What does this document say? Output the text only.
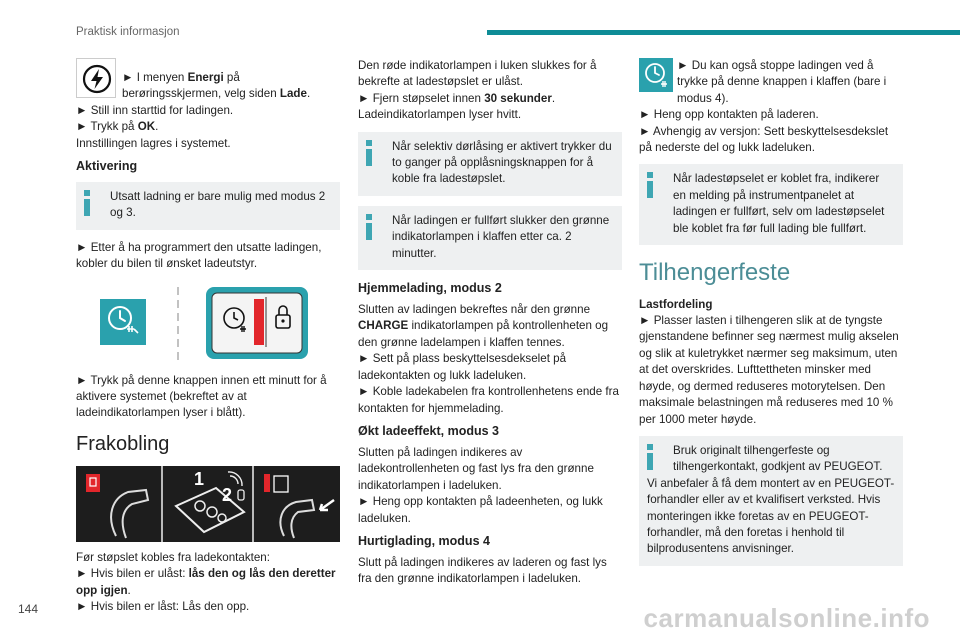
Praktisk informasjon

► I menyen Energi på berøringsskjermen, velg siden Lade.

► Still inn starttid for ladingen.

► Trykk på OK.

Innstillingen lagres i systemet.

Aktivering

Utsatt ladning er bare mulig med modus 2 og 3.

► Etter å ha programmert den utsatte ladingen, kobler du bilen til ønsket ladeutstyr.

► Trykk på denne knappen innen ett minutt for å aktivere systemet (bekreftet av at ladeindikatorlampen lyser i blått).

Frakobling
1
2

Før støpslet kobles fra ladekontakten:

► Hvis bilen er ulåst: lås den og lås den deretter opp igjen.

► Hvis bilen er låst: Lås den opp.

Den røde indikatorlampen i luken slukkes for å bekrefte at ladestøpslet er ulåst.

► Fjern støpselet innen 30 sekunder.

Ladeindikatorlampen lyser hvitt.

Når selektiv dørlåsing er aktivert trykker du to ganger på opplåsningsknappen for å koble fra ladestøpslet.

Når ladingen er fullført slukker den grønne indikatorlampen i klaffen etter ca. 2 minutter.

Hjemmelading, modus 2

Slutten av ladingen bekreftes når den grønne CHARGE indikatorlampen på kontrollenheten og den grønne ladelampen i klaffen tennes.

► Sett på plass beskyttelsesdekselet på ladekontakten og lukk ladeluken.

► Koble ladekabelen fra kontrollenhetens ende fra kontakten for hjemmelading.

Økt ladeeffekt, modus 3

Slutten på ladingen indikeres av ladekontrollenheten og fast lys fra den grønne indikatorlampen i ladeluken.

► Heng opp kontakten på ladeenheten, og lukk ladeluken.

Hurtiglading, modus 4

Slutt på ladingen indikeres av laderen og fast lys fra den grønne indikatorlampen i ladeluken.

► Du kan også stoppe ladingen ved å trykke på denne knappen i klaffen (bare i modus 4).

► Heng opp kontakten på laderen.

► Avhengig av versjon: Sett beskyttelsesdekslet på nederste del og lukk ladeluken.

Når ladestøpselet er koblet fra, indikerer en melding på instrumentpanelet at ladingen er fullført, selv om ladestøpselet ble koblet fra før full lading ble fullført.

Tilhengerfeste
Lastfordeling

► Plasser lasten i tilhengeren slik at de tyngste gjenstandene befinner seg nærmest mulig akselen og slik at kuletrykket nærmer seg maksimum, uten at det overskrides. Lufttettheten minsker med høyde, og dermed reduseres motorytelsen. Den maksimale belastningen må reduseres med 10 % per 1000 meter høyde.

Bruk originalt tilhengerfeste og tilhengerkontakt, godkjent av PEUGEOT.

Vi anbefaler å få dem montert av en PEUGEOT-forhandler eller av et kvalifisert verksted. Hvis monteringen ikke foretas av en PEUGEOT-forhandler, må den foretas i henhold til bilprodusentens anvisninger.

144	carmanualsonline.info
